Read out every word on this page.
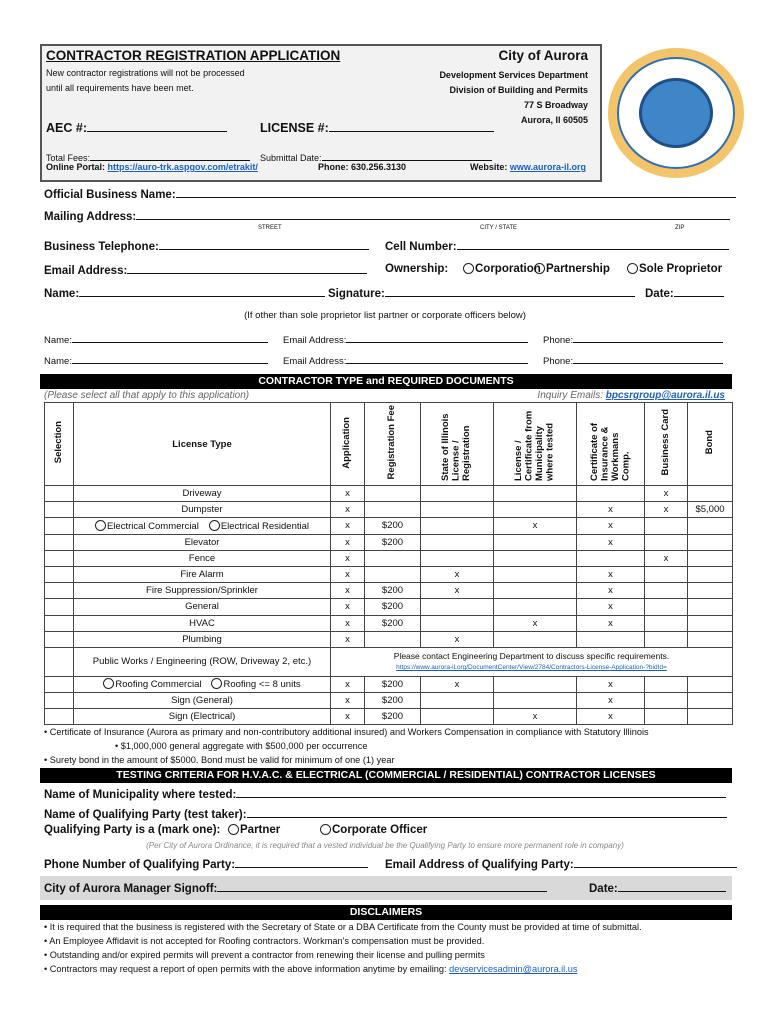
CONTRACTOR REGISTRATION APPLICATION
New contractor registrations will not be processed
until all requirements have been met.
City of Aurora
Development Services Department
Division of Building and Permits
77 S Broadway
Aurora, Il 60505
AEC #:	LICENSE #:
Total Fees:	Submittal Date:
Online Portal: https://auro-trk.aspgov.com/etrakit/	Phone: 630.256.3130	Website: www.aurora-il.org
Official Business Name:
Mailing Address:
STREET	CITY / STATE	ZIP
Business Telephone:	Cell Number:
Email Address:	Ownership:	Corporation Partnership	Sole Proprietor
Name:	Signature:	Date:
(If other than sole proprietor list partner or corporate officers below)
Name:	Email Address:	Phone:
Name:	Email Address:	Phone:
CONTRACTOR TYPE and REQUIRED DOCUMENTS
(Please select all that apply to this application)	Inquiry Emails: bpcsrgroup@aurora.il.us
Selection	License Type	Application	Registration Fee	State of Illinois License / Registration	License / Certificate from Municipality where tested	Certificate of Insurance & Workmans Comp.	Business Card	Bond
	Driveway	x					x	
	Dumpster	x				x	x	$5,000
	Electrical Commercial Electrical Residential	x	$200		x	x		
	Elevator	x	$200			x		
	Fence	x					x	
	Fire Alarm	x		x		x		
	Fire Suppression/Sprinkler	x	$200	x		x		
	General	x	$200			x		
	HVAC	x	$200		x	x		
	Plumbing	x		x				
	Public Works / Engineering (ROW, Driveway 2, etc.)	Please contact Engineering Department to discuss specific requirements.
https://www.aurora-il.org/DocumentCenter/View/2784/Contractors-License-Application-?bidId=						

	Roofing Commercial Roofing <= 8 units	x	$200	x		x		
	Sign (General)	x	$200			x		
	Sign (Electrical)	x	$200		x	x		
• Certificate of Insurance (Aurora as primary and non-contributory additional insured) and Workers Compensation in compliance with Statutory Illinois
• $1,000,000 general aggregate with $500,000 per occurrence
• Surety bond in the amount of $5000. Bond must be valid for minimum of one (1) year
TESTING CRITERIA FOR H.V.A.C. & ELECTRICAL (COMMERCIAL / RESIDENTIAL) CONTRACTOR LICENSES
Name of Municipality where tested:
Name of Qualifying Party (test taker):
Qualifying Party is a (mark one):	Partner	Corporate Officer
(Per City of Aurora Ordinance, it is required that a vested individual be the Qualifying Party to ensure more permanent role in company)
Phone Number of Qualifying Party:	Email Address of Qualifying Party:
City of Aurora Manager Signoff:	Date:
DISCLAIMERS
• It is required that the business is registered with the Secretary of State or a DBA Certificate from the County must be provided at time of submittal.
• An Employee Affidavit is not accepted for Roofing contractors. Workman's compensation must be provided.
• Outstanding and/or expired permits will prevent a contractor from renewing their license and pulling permits
• Contractors may request a report of open permits with the above information anytime by emailing: devservicesadmin@aurora.il.us
